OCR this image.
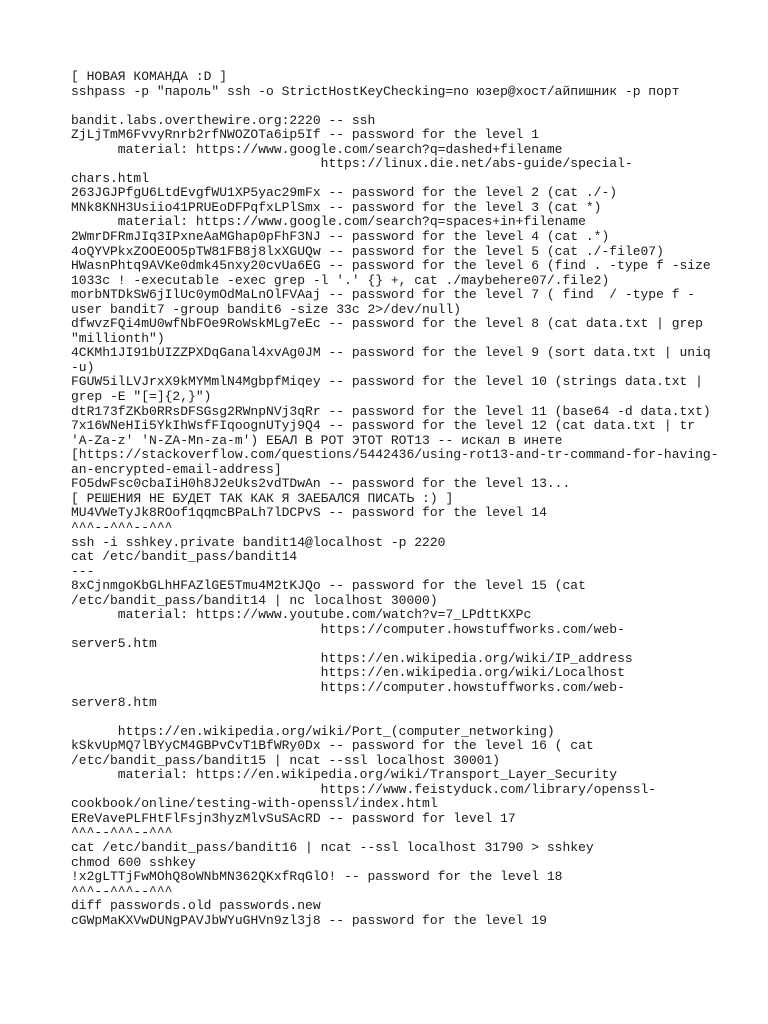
[ НОВАЯ КОМАНДА :D ]
sshpass -p "пароль" ssh -o StrictHostKeyChecking=no юзер@хост/айпишник -p порт
bandit.labs.overthewire.org:2220 -- ssh
ZjLjTmM6FvvyRnrb2rfNWOZOTa6ip5If -- password for the level 1
material: https://www.google.com/search?q=dashed+filename
https://linux.die.net/abs-guide/special-
chars.html
263JGJPfgU6LtdEvgfWU1XP5yac29mFx -- password for the level 2 (cat ./-)
MNk8KNH3Usiio41PRUEoDFPqfxLPlSmx -- password for the level 3 (cat *)
material: https://www.google.com/search?q=spaces+in+filename
2WmrDFRmJIq3IPxneAaMGhap0pFhF3NJ -- password for the level 4 (cat .*)
4oQYVPkxZOOEOO5pTW81FB8j8lxXGUQw -- password for the level 5 (cat ./-file07)
HWasnPhtq9AVKe0dmk45nxy20cvUa6EG -- password for the level 6 (find . -type f -size
1033c ! -executable -exec grep -l '.' {} +, cat ./maybehere07/.file2)
morbNTDkSW6jIlUc0ymOdMaLnOlFVAaj -- password for the level 7 ( find  / -type f -
user bandit7 -group bandit6 -size 33c 2>/dev/null)
dfwvzFQi4mU0wfNbFOe9RoWskMLg7eEc -- password for the level 8 (cat data.txt | grep
"millionth")
4CKMh1JI91bUIZZPXDqGanal4xvAg0JM -- password for the level 9 (sort data.txt | uniq
-u)
FGUW5ilLVJrxX9kMYMmlN4MgbpfMiqey -- password for the level 10 (strings data.txt |
grep -E "[=]{2,}")
dtR173fZKb0RRsDFSGsg2RWnpNVj3qRr -- password for the level 11 (base64 -d data.txt)
7x16WNeHIi5YkIhWsfFIqoognUTyj9Q4 -- password for the level 12 (cat data.txt | tr
'A-Za-z' 'N-ZA-Mn-za-m') ЕБАЛ В РОТ ЭТОТ ROT13 -- искал в инете
[https://stackoverflow.com/questions/5442436/using-rot13-and-tr-command-for-having-
an-encrypted-email-address]
FO5dwFsc0cbaIiH0h8J2eUks2vdTDwAn -- password for the level 13...
[ РЕШЕНИЯ НЕ БУДЕТ ТАК КАК Я ЗАЕБАЛСЯ ПИСАТЬ :) ]
MU4VWeTyJk8ROof1qqmcBPaLh7lDCPvS -- password for the level 14
^^^--^^^--^^^
ssh -i sshkey.private bandit14@localhost -p 2220
cat /etc/bandit_pass/bandit14
---
8xCjnmgoKbGLhHFAZlGE5Tmu4M2tKJQo -- password for the level 15 (cat
/etc/bandit_pass/bandit14 | nc localhost 30000)
material: https://www.youtube.com/watch?v=7_LPdttKXPc
https://computer.howstuffworks.com/web-
server5.htm
https://en.wikipedia.org/wiki/IP_address
https://en.wikipedia.org/wiki/Localhost
https://computer.howstuffworks.com/web-
server8.htm
https://en.wikipedia.org/wiki/Port_(computer_networking)
kSkvUpMQ7lBYyCM4GBPvCvT1BfWRy0Dx -- password for the level 16 ( cat
/etc/bandit_pass/bandit15 | ncat --ssl localhost 30001)
material: https://en.wikipedia.org/wiki/Transport_Layer_Security
https://www.feistyduck.com/library/openssl-
cookbook/online/testing-with-openssl/index.html
EReVavePLFHtFlFsjn3hyzMlvSuSAcRD -- password for level 17
^^^--^^^--^^^
cat /etc/bandit_pass/bandit16 | ncat --ssl localhost 31790 > sshkey
chmod 600 sshkey
!x2gLTTjFwMOhQ8oWNbMN362QKxfRqGlO! -- password for the level 18
^^^--^^^--^^^
diff passwords.old passwords.new
cGWpMaKXVwDUNgPAVJbWYuGHVn9zl3j8 -- password for the level 19
